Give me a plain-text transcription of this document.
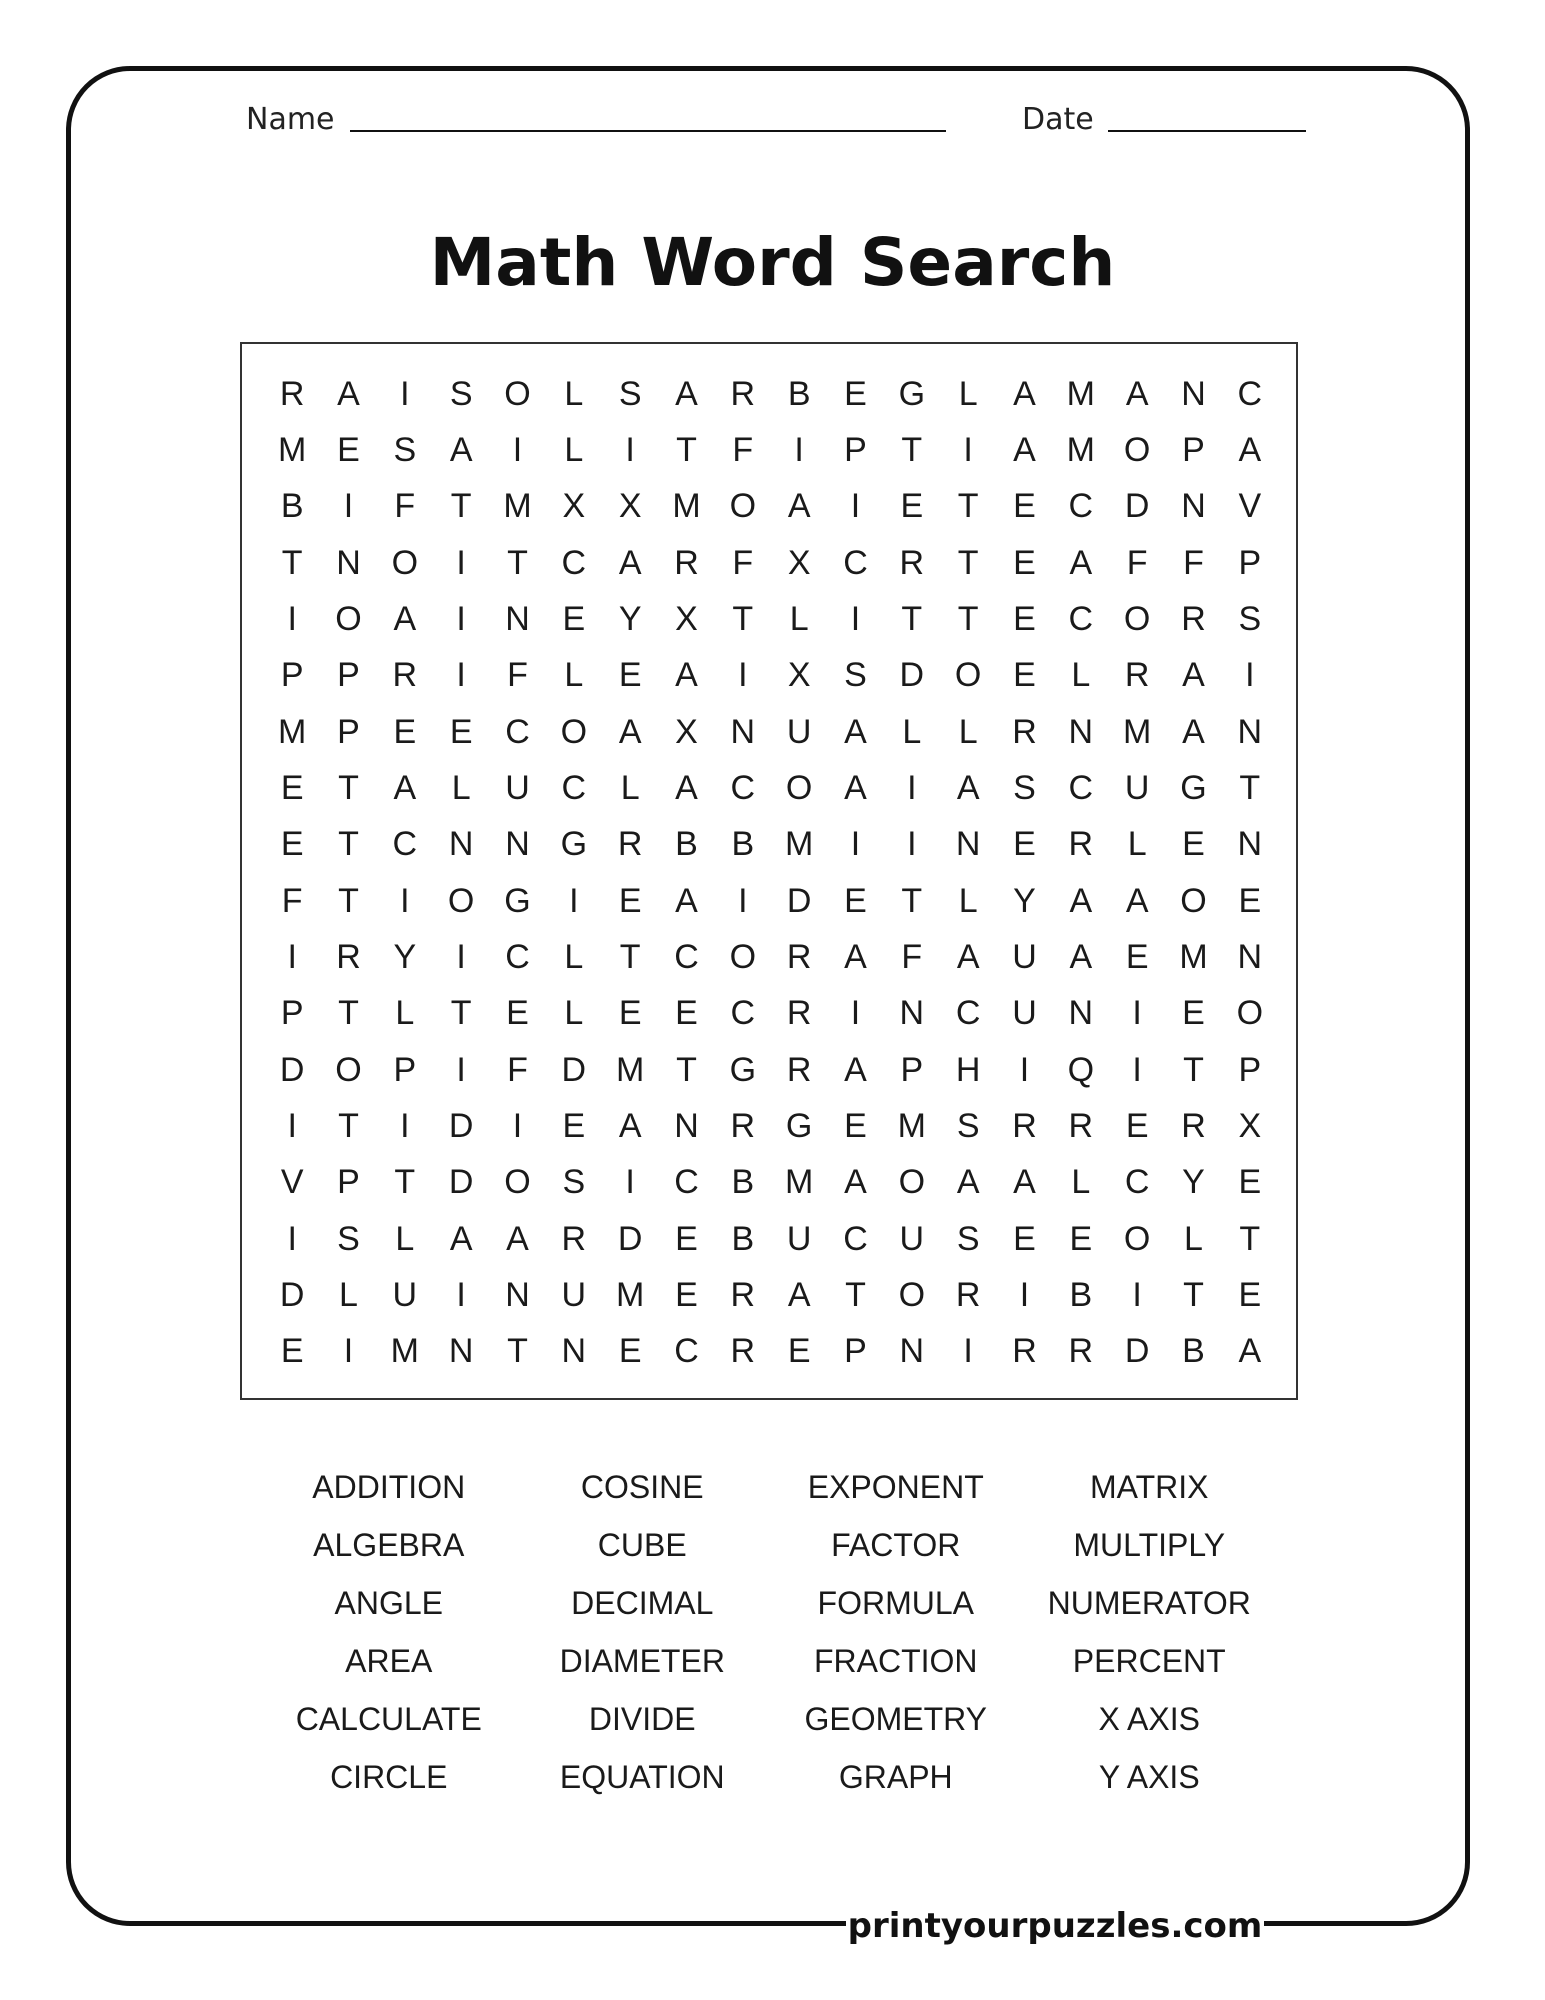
Name	Date
Math Word Search
R A	I	S O L	S A R B E G L	A M A N C
M E S A	I	L	I	T	F	I	P	T	I	A M O P A
B	I	F	T M X X M O A	I	E	T	E C D N V
T N O	I	T C A R F	X C R T	E A	F	F	P
I	O A	I	N E Y X	T	L	I	T	T	E C O R S
P P R	I	F	L	E A	I	X S D O E	L	R A	I
M P E E C O A X N U A	L	L	R N M A N
E	T	A	L	U C	L	A C O A	I	A S C U G T
E	T C N N G R B B M	I	I	N E R	L	E N
F	T	I	O G	I	E A	I	D E	T	L	Y A A O E
I	R Y	I	C	L	T C O R A	F	A U A E M N
P	T	L	T	E	L	E E C R	I	N C U N	I	E O
D O P	I	F D M T G R A P H	I	Q	I	T	P
I	T	I	D	I	E A N R G E M S R R E R X
V P	T D O S	I	C B M A O A A	L	C Y E
I	S	L	A A R D E B U C U S E E O L	T
D	L	U	I	N U M E R A	T O R	I	B	I	T	E
E	I	M N T N E C R E P N	I	R R D B A
ADDITION	COSINE	EXPONENT	MATRIX
ALGEBRA	CUBE	FACTOR	MULTIPLY
ANGLE	DECIMAL	FORMULA	NUMERATOR
AREA	DIAMETER	FRACTION	PERCENT
CALCULATE	DIVIDE	GEOMETRY	X AXIS
CIRCLE	EQUATION	GRAPH	Y AXIS
printyourpuzzles.com
